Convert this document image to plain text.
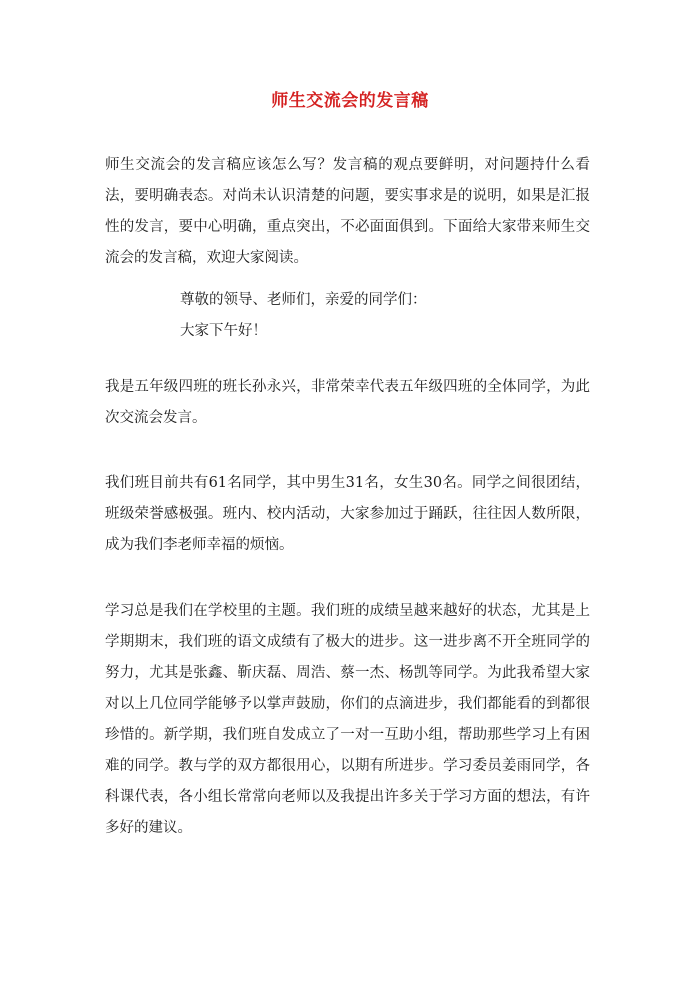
师生交流会的发言稿
师生交流会的发言稿应该怎么写？发言稿的观点要鲜明，对问题持什么看法，要明确表态。对尚未认识清楚的问题，要实事求是的说明，如果是汇报性的发言，要中心明确，重点突出，不必面面俱到。下面给大家带来师生交流会的发言稿，欢迎大家阅读。
尊敬的领导、老师们，亲爱的同学们：
大家下午好！
我是五年级四班的班长孙永兴，非常荣幸代表五年级四班的全体同学，为此次交流会发言。
我们班目前共有61名同学，其中男生31名，女生30名。同学之间很团结，班级荣誉感极强。班内、校内活动，大家参加过于踊跃，往往因人数所限，成为我们李老师幸福的烦恼。
学习总是我们在学校里的主题。我们班的成绩呈越来越好的状态，尤其是上学期期末，我们班的语文成绩有了极大的进步。这一进步离不开全班同学的努力，尤其是张鑫、靳庆磊、周浩、蔡一杰、杨凯等同学。为此我希望大家对以上几位同学能够予以掌声鼓励，你们的点滴进步，我们都能看的到都很珍惜的。新学期，我们班自发成立了一对一互助小组，帮助那些学习上有困难的同学。教与学的双方都很用心，以期有所进步。学习委员姜雨同学，各科课代表，各小组长常常向老师以及我提出许多关于学习方面的想法，有许多好的建议。
